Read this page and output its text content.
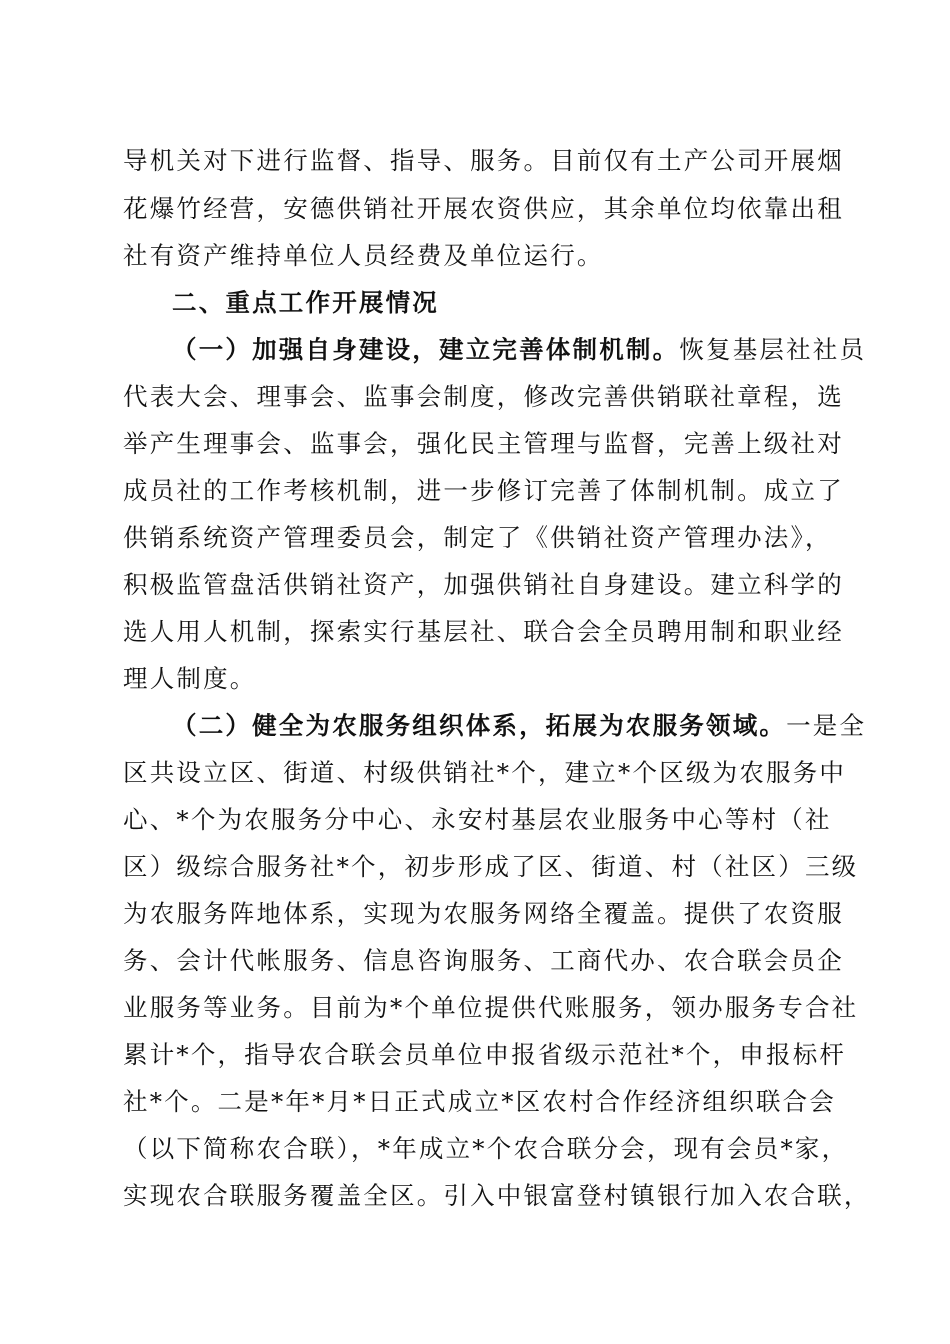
导机关对下进行监督、指导、服务。目前仅有土产公司开展烟
花爆竹经营，安德供销社开展农资供应，其余单位均依靠出租
社有资产维持单位人员经费及单位运行。
二、重点工作开展情况
（一）加强自身建设，建立完善体制机制。恢复基层社社员
代表大会、理事会、监事会制度，修改完善供销联社章程，选
举产生理事会、监事会，强化民主管理与监督，完善上级社对
成员社的工作考核机制，进一步修订完善了体制机制。成立了
供销系统资产管理委员会，制定了《供销社资产管理办法》，
积极监管盘活供销社资产，加强供销社自身建设。建立科学的
选人用人机制，探索实行基层社、联合会全员聘用制和职业经
理人制度。
（二）健全为农服务组织体系，拓展为农服务领域。一是全
区共设立区、街道、村级供销社*个，建立*个区级为农服务中
心、*个为农服务分中心、永安村基层农业服务中心等村（社
区）级综合服务社*个，初步形成了区、街道、村（社区）三级
为农服务阵地体系，实现为农服务网络全覆盖。提供了农资服
务、会计代帐服务、信息咨询服务、工商代办、农合联会员企
业服务等业务。目前为*个单位提供代账服务，领办服务专合社
累计*个，指导农合联会员单位申报省级示范社*个，申报标杆
社*个。二是*年*月*日正式成立*区农村合作经济组织联合会
（以下简称农合联），*年成立*个农合联分会，现有会员*家，
实现农合联服务覆盖全区。引入中银富登村镇银行加入农合联，
